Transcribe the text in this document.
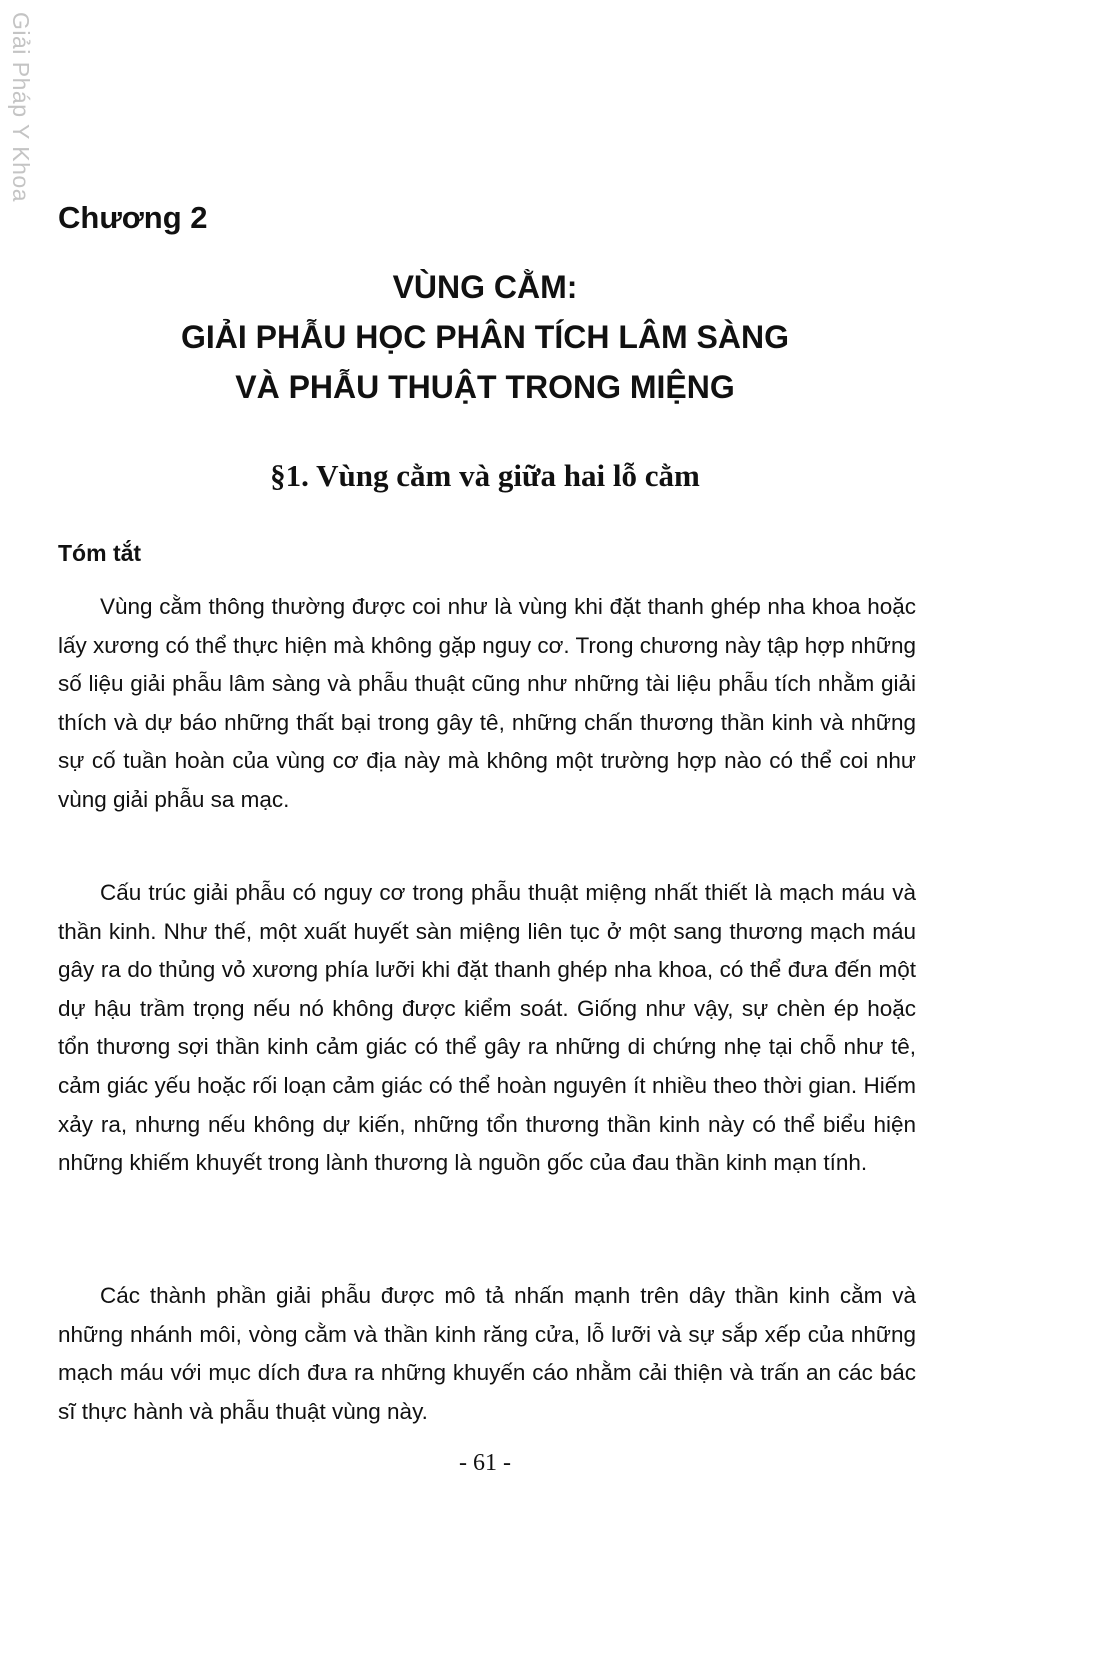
Giải Pháp Y Khoa
Chương 2
VÙNG CẰM:
GIẢI PHẪU HỌC PHÂN TÍCH LÂM SÀNG
VÀ PHẪU THUẬT TRONG MIỆNG
§1. Vùng cằm và giữa hai lỗ cằm
Tóm tắt

Vùng cằm thông thường được coi như là vùng khi đặt thanh ghép nha khoa hoặc lấy xương có thể thực hiện mà không gặp nguy cơ. Trong chương này tập hợp những số liệu giải phẫu lâm sàng và phẫu thuật cũng như những tài liệu phẫu tích nhằm giải thích và dự báo những thất bại trong gây tê, những chấn thương thần kinh và những sự cố tuần hoàn của vùng cơ địa này mà không một trường hợp nào có thể coi như vùng giải phẫu sa mạc.

Cấu trúc giải phẫu có nguy cơ trong phẫu thuật miệng nhất thiết là mạch máu và thần kinh. Như thế, một xuất huyết sàn miệng liên tục ở một sang thương mạch máu gây ra do thủng vỏ xương phía lưỡi khi đặt thanh ghép nha khoa, có thể đưa đến một dự hậu trầm trọng nếu nó không được kiểm soát. Giống như vậy, sự chèn ép hoặc tổn thương sợi thần kinh cảm giác có thể gây ra những di chứng nhẹ tại chỗ như tê, cảm giác yếu hoặc rối loạn cảm giác có thể hoàn nguyên ít nhiều theo thời gian. Hiếm xảy ra, nhưng nếu không dự kiến, những tổn thương thần kinh này có thể biểu hiện những khiếm khuyết trong lành thương là nguồn gốc của đau thần kinh mạn tính.

Các thành phần giải phẫu được mô tả nhấn mạnh trên dây thần kinh cằm và những nhánh môi, vòng cằm và thần kinh răng cửa, lỗ lưỡi và sự sắp xếp của những mạch máu với mục dích đưa ra những khuyến cáo nhằm cải thiện và trấn an các bác sĩ thực hành và phẫu thuật vùng này.

- 61 -
